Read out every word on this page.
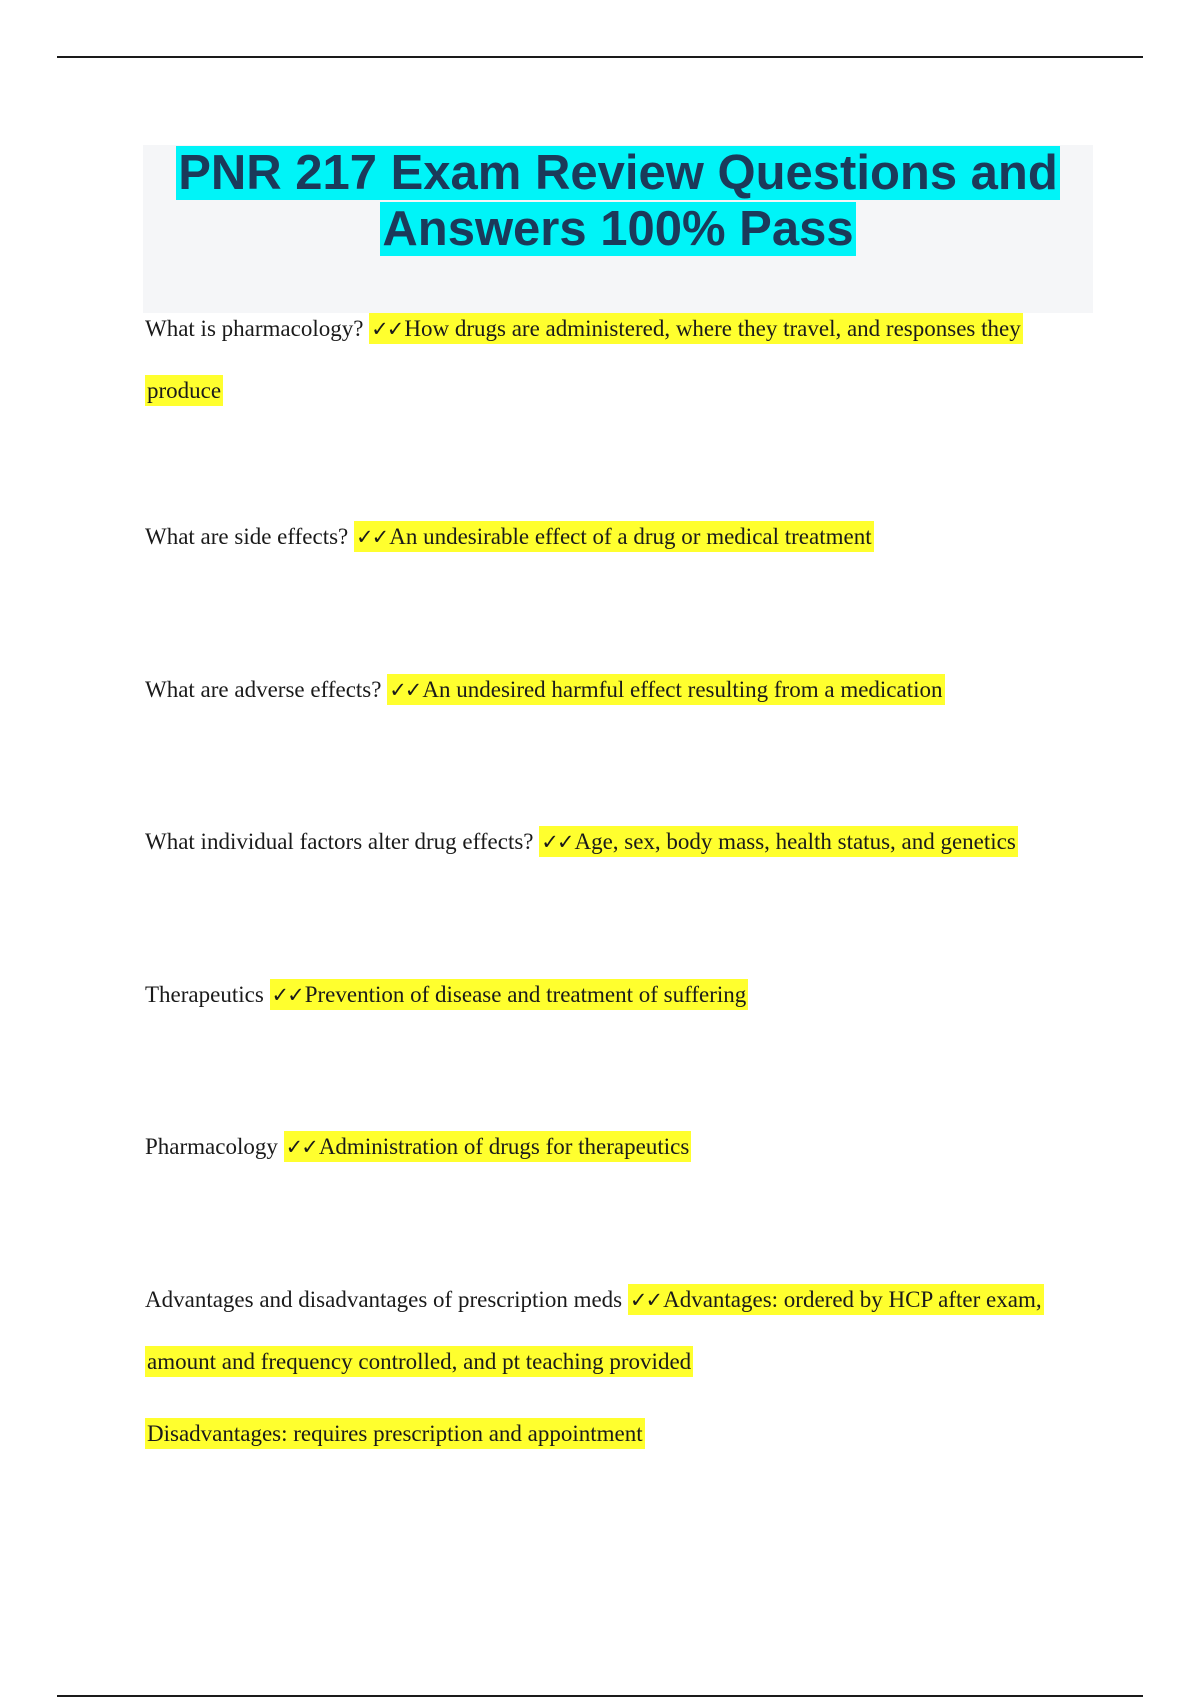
PNR 217 Exam Review Questions and Answers 100% Pass

What is pharmacology? ✓✓How drugs are administered, where they travel, and responses they produce

What are side effects? ✓✓An undesirable effect of a drug or medical treatment

What are adverse effects? ✓✓An undesired harmful effect resulting from a medication

What individual factors alter drug effects? ✓✓Age, sex, body mass, health status, and genetics

Therapeutics ✓✓Prevention of disease and treatment of suffering

Pharmacology ✓✓Administration of drugs for therapeutics

Advantages and disadvantages of prescription meds ✓✓Advantages: ordered by HCP after exam, amount and frequency controlled, and pt teaching provided

Disadvantages: requires prescription and appointment
